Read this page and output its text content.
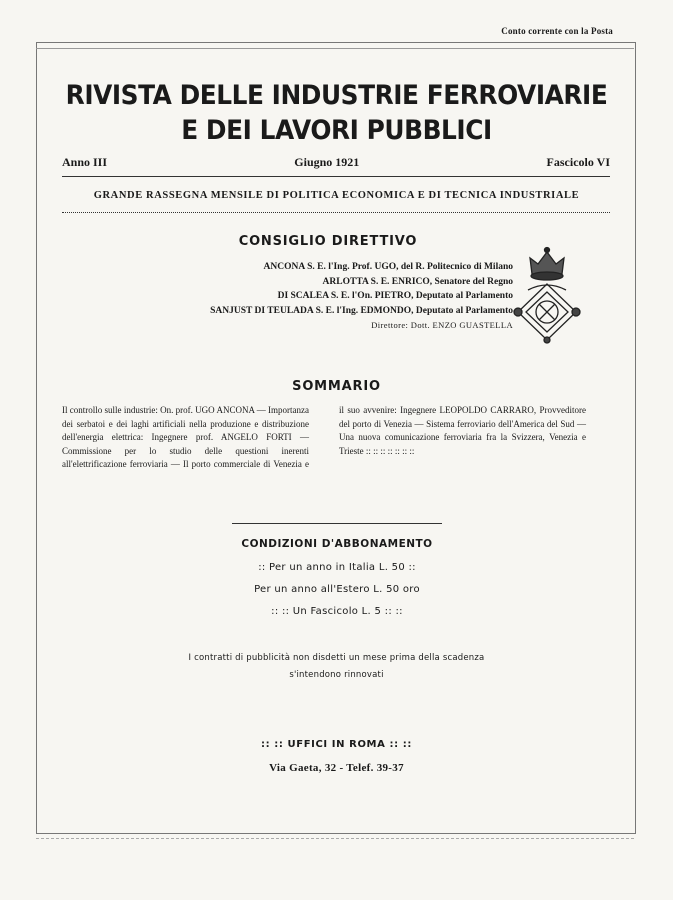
Conto corrente con la Posta
RIVISTA DELLE INDUSTRIE FERROVIARIE
E DEI LAVORI PUBBLICI
Anno III	Giugno 1921	Fascicolo VI
GRANDE RASSEGNA MENSILE DI POLITICA ECONOMICA E DI TECNICA INDUSTRIALE
CONSIGLIO DIRETTIVO
ANCONA S. E. l'Ing. Prof. UGO, del R. Politecnico di Milano
ARLOTTA S. E. ENRICO, Senatore del Regno
DI SCALEA S. E. l'On. PIETRO, Deputato al Parlamento
SANJUST DI TEULADA S. E. l'Ing. EDMONDO, Deputato al Parlamento
Direttore: Dott. ENZO GUASTELLA
SOMMARIO
Il controllo sulle industrie: On. prof. UGO ANCONA — Importanza dei serbatoi e dei laghi artificiali nella produzione e distribuzione dell'energia elettrica: Ingegnere prof. ANGELO FORTI — Commissione per lo studio delle questioni inerenti all'elettrificazione ferroviaria — Il porto commerciale di Venezia e il suo avvenire: Ingegnere LEOPOLDO CARRARO, Provveditore del porto di Venezia — Sistema ferroviario dell'America del Sud — Una nuova comunicazione ferroviaria fra la Svizzera, Venezia e Trieste :: :: :: :: :: :: ::
CONDIZIONI D'ABBONAMENTO
:: Per un anno in Italia L. 50 ::
Per un anno all'Estero L. 50 oro
:: :: Un Fascicolo L. 5 :: ::
I contratti di pubblicità non disdetti un mese prima della scadenza
s'intendono rinnovati
:: :: UFFICI IN ROMA :: ::
Via Gaeta, 32 - Telef. 39-37
